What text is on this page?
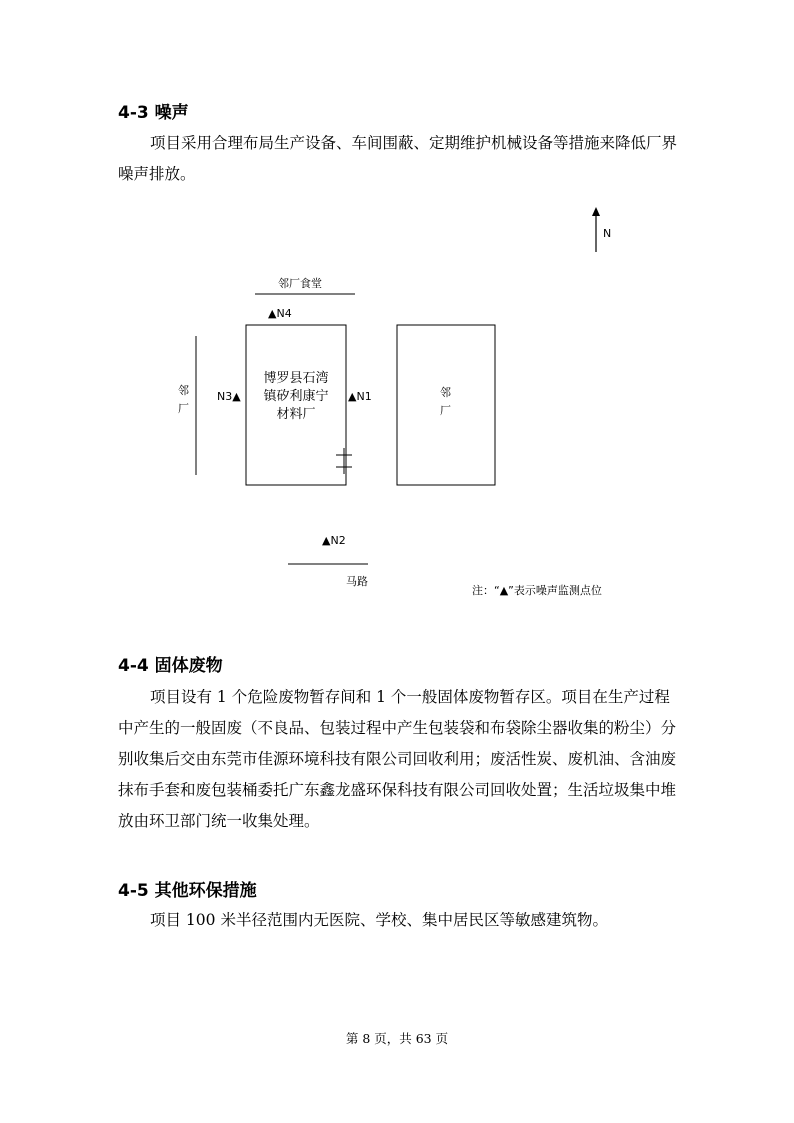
4-3 噪声

项目采用合理布局生产设备、车间围蔽、定期维护机械设备等措施来降低厂界噪声排放。

N
邻厂食堂
▲N4
邻
厂
N3▲	▲N1
博罗县石湾
镇矽利康宁
材料厂
邻
厂
▲N2
马路
注：“▲”表示噪声监测点位
4-4 固体废物

项目设有 1 个危险废物暂存间和 1 个一般固体废物暂存区。项目在生产过程中产生的一般固废（不良品、包装过程中产生包装袋和布袋除尘器收集的粉尘）分别收集后交由东莞市佳源环境科技有限公司回收利用；废活性炭、废机油、含油废抹布手套和废包装桶委托广东鑫龙盛环保科技有限公司回收处置；生活垃圾集中堆放由环卫部门统一收集处理。

4-5 其他环保措施

项目 100 米半径范围内无医院、学校、集中居民区等敏感建筑物。

第 8 页，共 63 页
